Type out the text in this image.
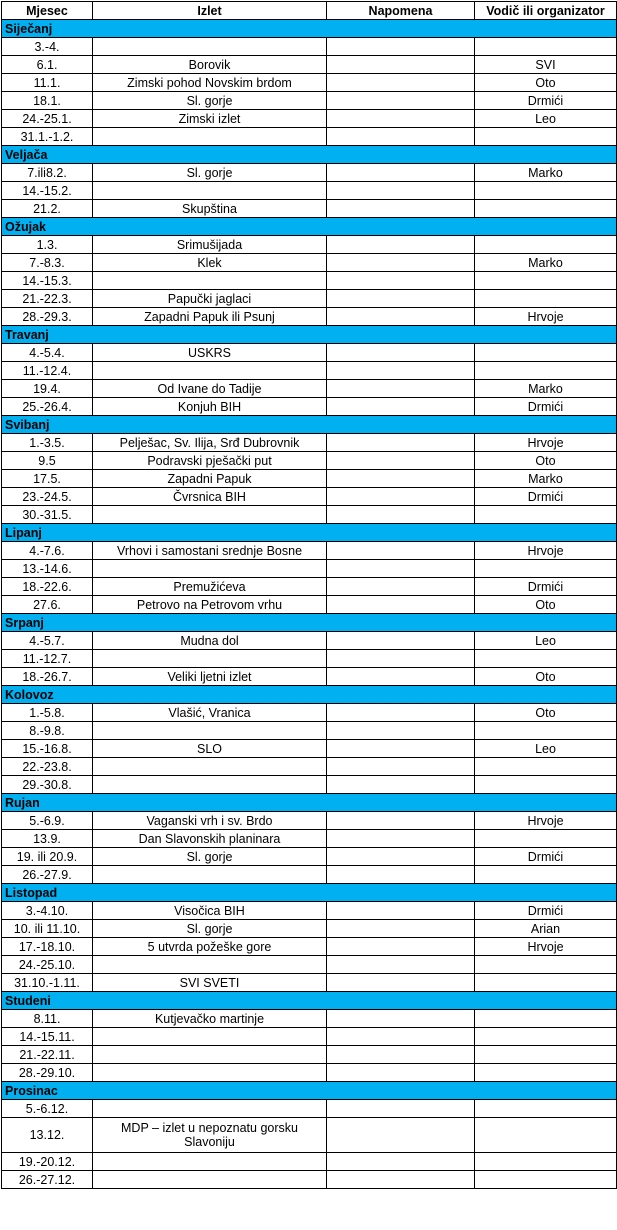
Mjesec	Izlet	Napomena	Vodič ili organizator
Siječanj			
3.-4.			
6.1.	Borovik		SVI
11.1.	Zimski pohod Novskim brdom		Oto
18.1.	Sl. gorje		Drmići
24.-25.1.	Zimski izlet		Leo
31.1.-1.2.			
Veljača			
7.ili8.2.	Sl. gorje		Marko
14.-15.2.			
21.2.	Skupština		
Ožujak			
1.3.	Srimušijada		
7.-8.3.	Klek		Marko
14.-15.3.			
21.-22.3.	Papučki jaglaci		
28.-29.3.	Zapadni Papuk ili Psunj		Hrvoje
Travanj			
4.-5.4.	USKRS		
11.-12.4.			
19.4.	Od Ivane do Tadije		Marko
25.-26.4.	Konjuh BIH		Drmići
Svibanj			
1.-3.5.	Pelješac, Sv. Ilija, Srđ Dubrovnik		Hrvoje
9.5	Podravski pješački put		Oto
17.5.	Zapadni Papuk		Marko
23.-24.5.	Čvrsnica BIH		Drmići
30.-31.5.			
Lipanj			
4.-7.6.	Vrhovi i samostani srednje Bosne		Hrvoje
13.-14.6.			
18.-22.6.	Premužićeva		Drmići
27.6.	Petrovo na Petrovom vrhu		Oto
Srpanj			
4.-5.7.	Mudna dol		Leo
11.-12.7.			
18.-26.7.	Veliki ljetni izlet		Oto
Kolovoz			
1.-5.8.	Vlašić, Vranica		Oto
8.-9.8.			
15.-16.8.	SLO		Leo
22.-23.8.			
29.-30.8.			
Rujan			
5.-6.9.	Vaganski vrh i sv. Brdo		Hrvoje
13.9.	Dan Slavonskih planinara		
19. ili 20.9.	Sl. gorje		Drmići
26.-27.9.			
Listopad			
3.-4.10.	Visočica BIH		Drmići
10. ili 11.10.	Sl. gorje		Arian
17.-18.10.	5 utvrda požeške gore		Hrvoje
24.-25.10.			
31.10.-1.11.	SVI SVETI		
Studeni			
8.11.	Kutjevačko martinje		
14.-15.11.			
21.-22.11.			
28.-29.10.			
Prosinac			
5.-6.12.			
13.12.	MDP – izlet u nepoznatu gorsku Slavoniju		
19.-20.12.			
26.-27.12.			
